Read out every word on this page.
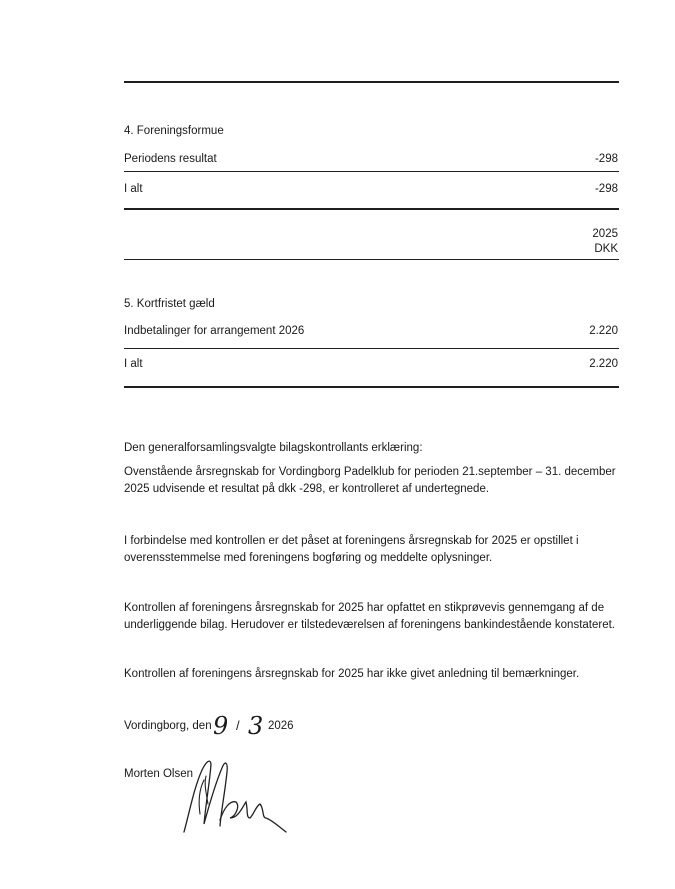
4. Foreningsformue
Periodens resultat	-298
I alt	-298
2025
DKK
5. Kortfristet gæld
Indbetalinger for arrangement 2026	2.220
I alt	2.220
Den generalforsamlingsvalgte bilagskontrollants erklæring:
Ovenstående årsregnskab for Vordingborg Padelklub for perioden 21.september – 31. december 2025 udvisende et resultat på dkk -298, er kontrolleret af undertegnede.
I forbindelse med kontrollen er det påset at foreningens årsregnskab for 2025 er opstillet i overensstemmelse med foreningens bogføring og meddelte oplysninger.
Kontrollen af foreningens årsregnskab for 2025 har opfattet en stikprøvevis gennemgang af de underliggende bilag. Herudover er tilstedeværelsen af foreningens bankindestående konstateret.
Kontrollen af foreningens årsregnskab for 2025 har ikke givet anledning til bemærkninger.
Vordingborg, den 9 / 3 2026
Morten Olsen
